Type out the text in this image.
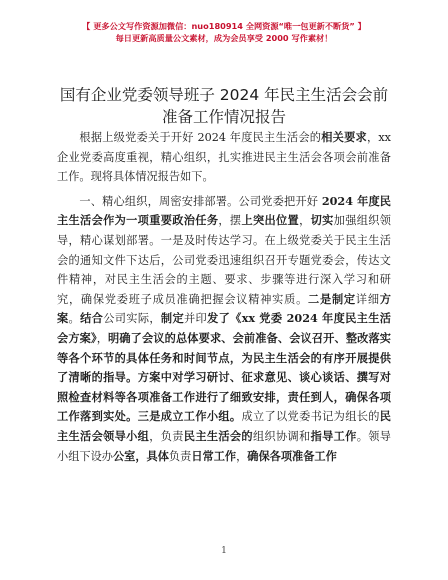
【 更多公文写作资源加微信：nuo180914 全网资源“唯一包更新不断货” 】
每日更新高质量公文素材，成为会员享受 2000 写作素材！
国有企业党委领导班子 2024 年民主生活会会前
准备工作情况报告

根据上级党委关于开好 2024 年度民主生活会的相关要求，xx 企业党委高度重视，精心组织，扎实推进民主生活会各项会前准备工作。现将具体情况报告如下。

一、精心组织，周密安排部署。公司党委把开好 2024 年度民主生活会作为一项重要政治任务，摆上突出位置，切实加强组织领导，精心谋划部署。一是及时传达学习。在上级党委关于民主生活会的通知文件下达后，公司党委迅速组织召开专题党委会，传达文件精神，对民主生活会的主题、要求、步骤等进行深入学习和研究，确保党委班子成员准确把握会议精神实质。二是制定详细方案。结合公司实际，制定并印发了《xx 党委 2024 年度民主生活会方案》，明确了会议的总体要求、会前准备、会议召开、整改落实等各个环节的具体任务和时间节点，为民主生活会的有序开展提供了清晰的指导。方案中对学习研讨、征求意见、谈心谈话、撰写对照检查材料等各项准备工作进行了细致安排，责任到人，确保各项工作落到实处。三是成立工作小组。成立了以党委书记为组长的民主生活会领导小组，负责民主生活会的组织协调和指导工作。领导小组下设办公室，具体负责日常工作，确保各项准备工作

1
